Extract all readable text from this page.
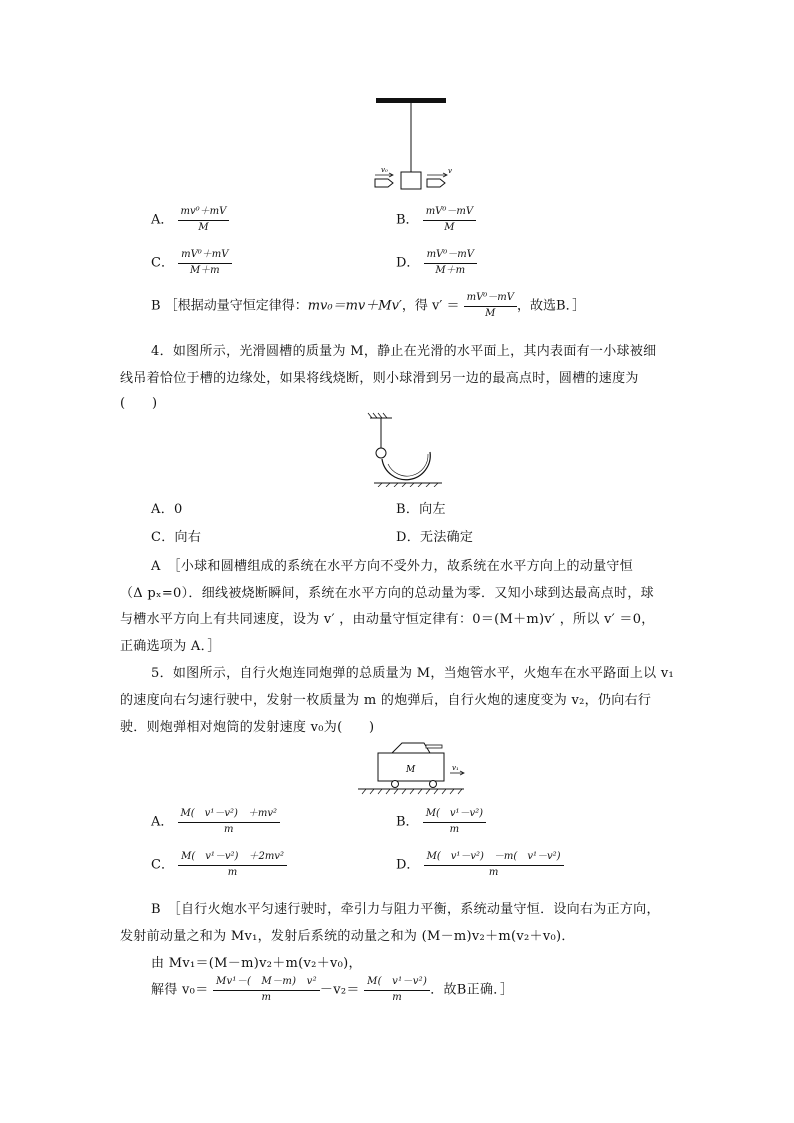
v₀	v
A． $\frac{\text{mv⁰＋mV}}{M}$	B． $\frac{\text{mV⁰－mV}}{M}$
C． $\frac{\text{mV⁰＋mV}}{M+m}$	D． $\frac{\text{mV⁰－mV}}{M+m}$
B ［根据动量守恒定律得：mv₀＝mv＋Mv′，得 $v' = \frac{\text{mV⁰－mV}}{M}$ ，故选B．］
4．如图所示，光滑圆槽的质量为 M，静止在光滑的水平面上，其内表面有一小球被细
线吊着恰位于槽的边缘处，如果将线烧断，则小球滑到另一边的最高点时，圆槽的速度为
(　　)
A．0	B．向左
C．向右	D．无法确定
A　 ［小球和圆槽组成的系统在水平方向不受外力，故系统在水平方向上的动量守恒
（Δ pₓ=0）．细线被烧断瞬间，系统在水平方向的总动量为零．又知小球到达最高点时，球
与槽水平方向上有共同速度，设为 v′ ，由动量守恒定律有：0＝(M＋m)v′ ，所以 v′ ＝0，
正确选项为 A．］
5．如图所示，自行火炮连同炮弹的总质量为 M，当炮管水平，火炮车在水平路面上以 v₁
的速度向右匀速行驶中，发射一枚质量为 m 的炮弹后，自行火炮的速度变为 v₂，仍向右行
驶．则炮弹相对炮筒的发射速度 v₀为(　　)
M	v₁
A． $\frac{\text{M(　v¹－v²)　＋mv²}}{m}$	B． $\frac{\text{M(　v¹－v²)}}{m}$
C． $\frac{\text{M(　v¹－v²)　＋2mv²}}{m}$	D． $\frac{\text{M(　v¹－v²)　－m(　v¹－v²)}}{m}$
B　 ［自行火炮水平匀速行驶时，牵引力与阻力平衡，系统动量守恒．设向右为正方向，
发射前动量之和为 Mv₁，发射后系统的动量之和为 (M－m)v₂＋m(v₂＋v₀)．
由 Mv₁＝(M－m)v₂＋m(v₂＋v₀)，
解得 $v_0= \frac{\text{Mv¹－(　M－m)　v²}}{m} -v_2= \frac{\text{M(　v¹－v²)}}{m}$ ．故B正确．］
